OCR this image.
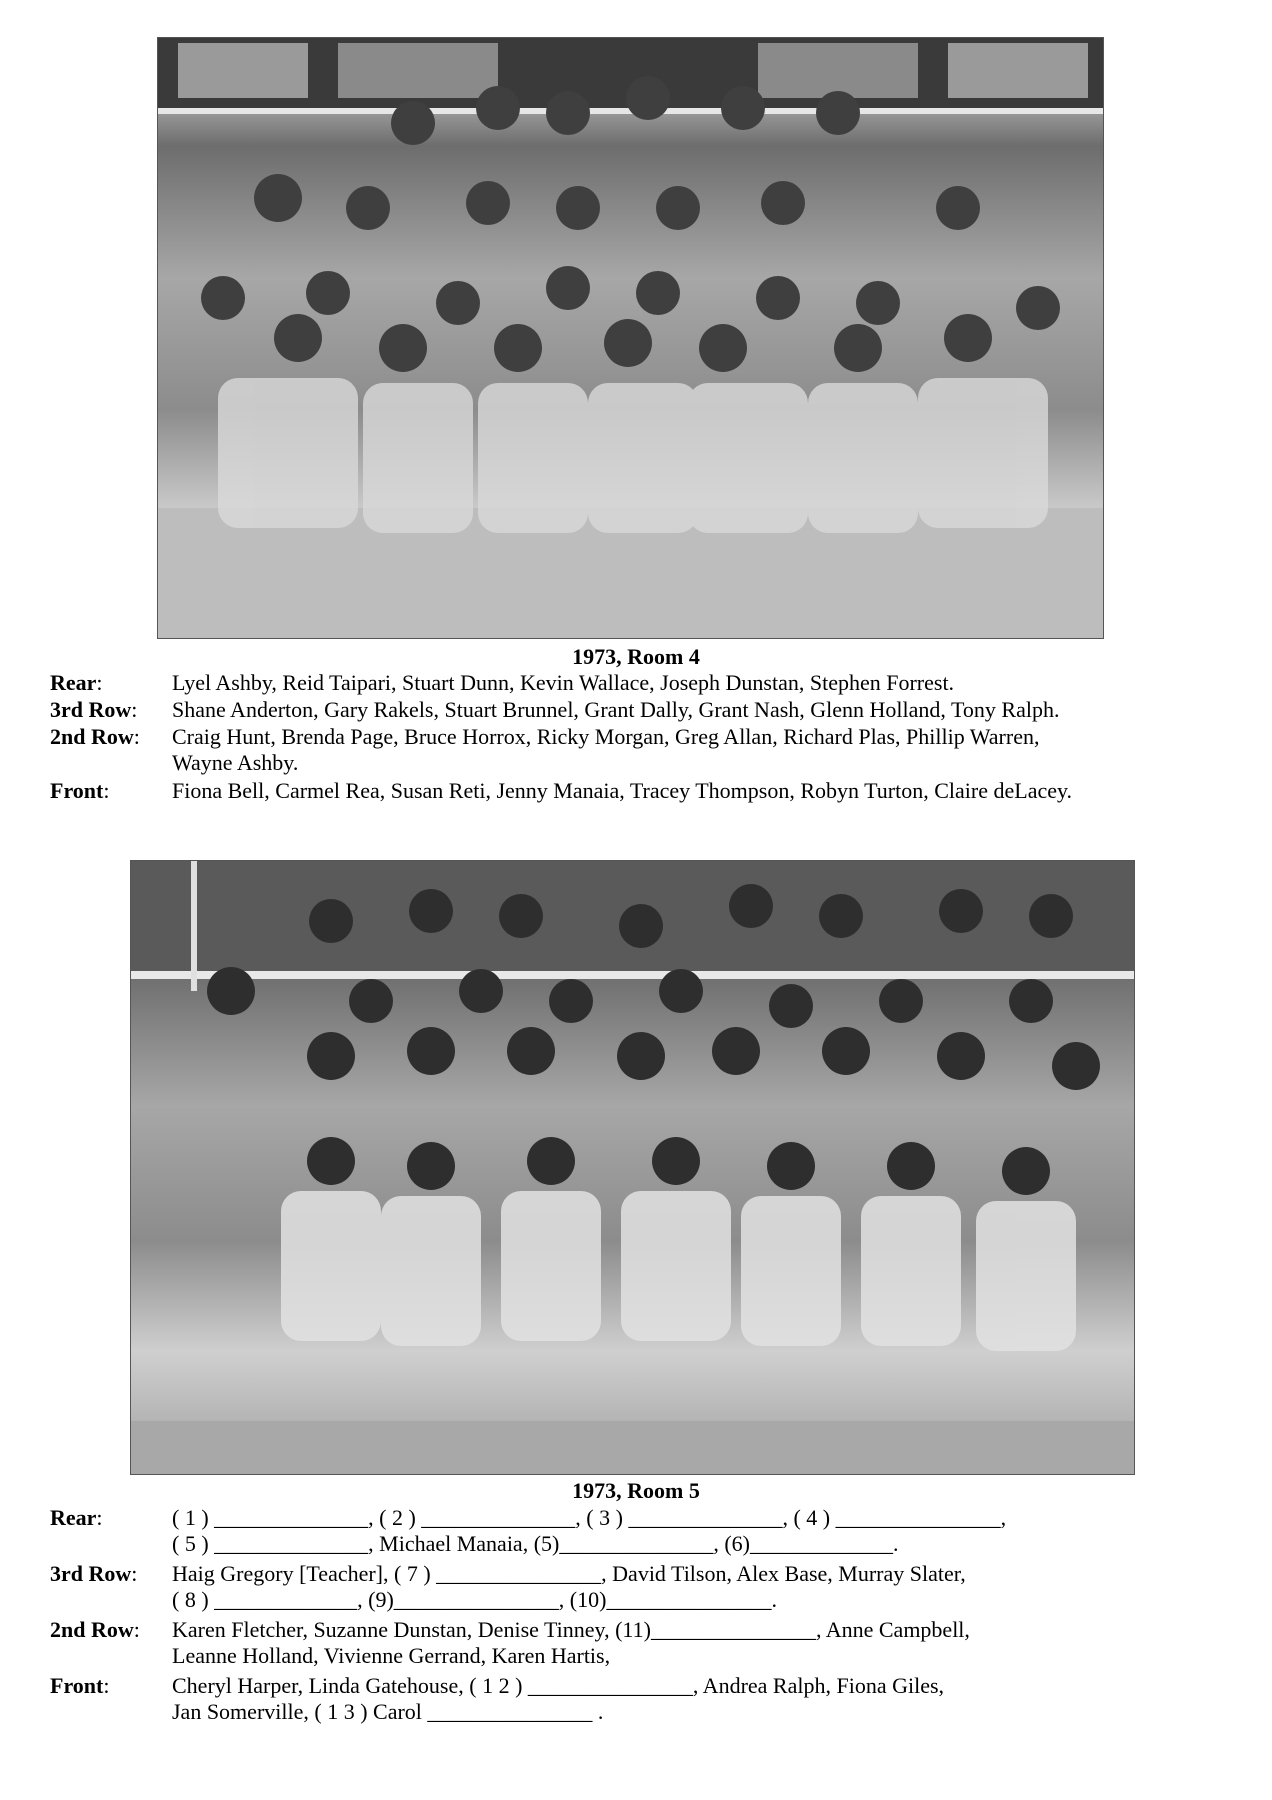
1973, Room 4
Rear:	Lyel Ashby, Reid Taipari, Stuart Dunn, Kevin Wallace, Joseph Dunstan, Stephen Forrest.
3rd Row:	Shane Anderton, Gary Rakels, Stuart Brunnel, Grant Dally, Grant Nash, Glenn Holland, Tony Ralph.
2nd Row:	Craig Hunt, Brenda Page, Bruce Horrox, Ricky Morgan, Greg Allan, Richard Plas, Phillip Warren,
Wayne Ashby.
Front:	Fiona Bell, Carmel Rea, Susan Reti, Jenny Manaia, Tracey Thompson, Robyn Turton, Claire deLacey.
1973, Room 5
Rear:	( 1 ) ______________, ( 2 ) ______________, ( 3 ) ______________, ( 4 ) _______________,
( 5 ) ______________, Michael Manaia, (5)______________, (6)_____________.
3rd Row:	Haig Gregory [Teacher], ( 7 ) _______________, David Tilson, Alex Base, Murray Slater,
( 8 ) _____________, (9)_______________, (10)_______________.
2nd Row:	Karen Fletcher, Suzanne Dunstan, Denise Tinney, (11)_______________, Anne Campbell,
Leanne Holland, Vivienne Gerrand, Karen Hartis,
Front:	Cheryl Harper, Linda Gatehouse, ( 1 2 ) _______________, Andrea Ralph, Fiona Giles,
Jan Somerville, ( 1 3 ) Carol _______________ .
